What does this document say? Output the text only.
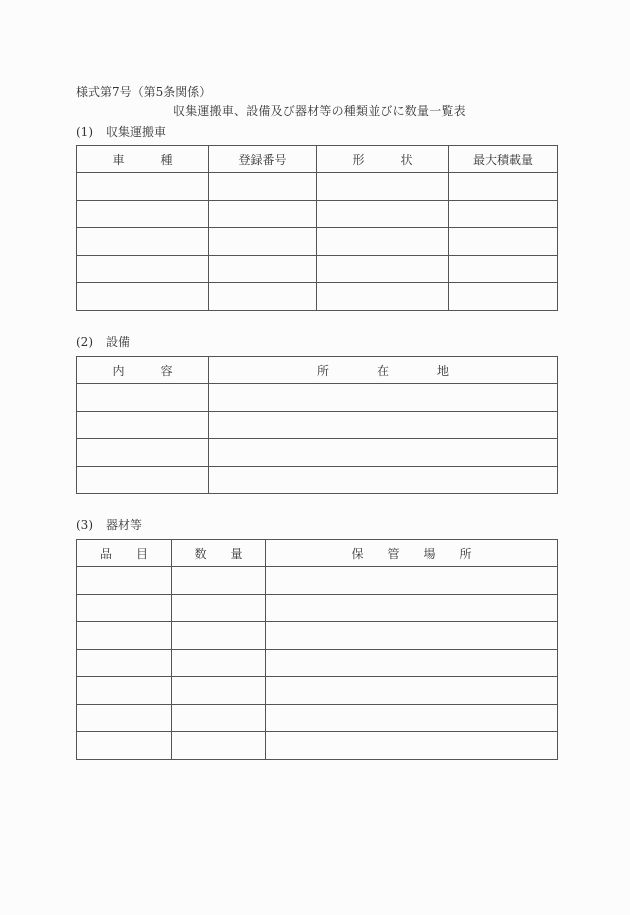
様式第7号（第5条関係）
収集運搬車、設備及び器材等の種類並びに数量一覧表
(1) 収集運搬車
車　　　種	登録番号	形　　　状	最大積載量

(2) 設備
内　　　容	所　　　　在　　　　地

(3) 器材等
品　　目	数　　量	保　　管　　場　　所
